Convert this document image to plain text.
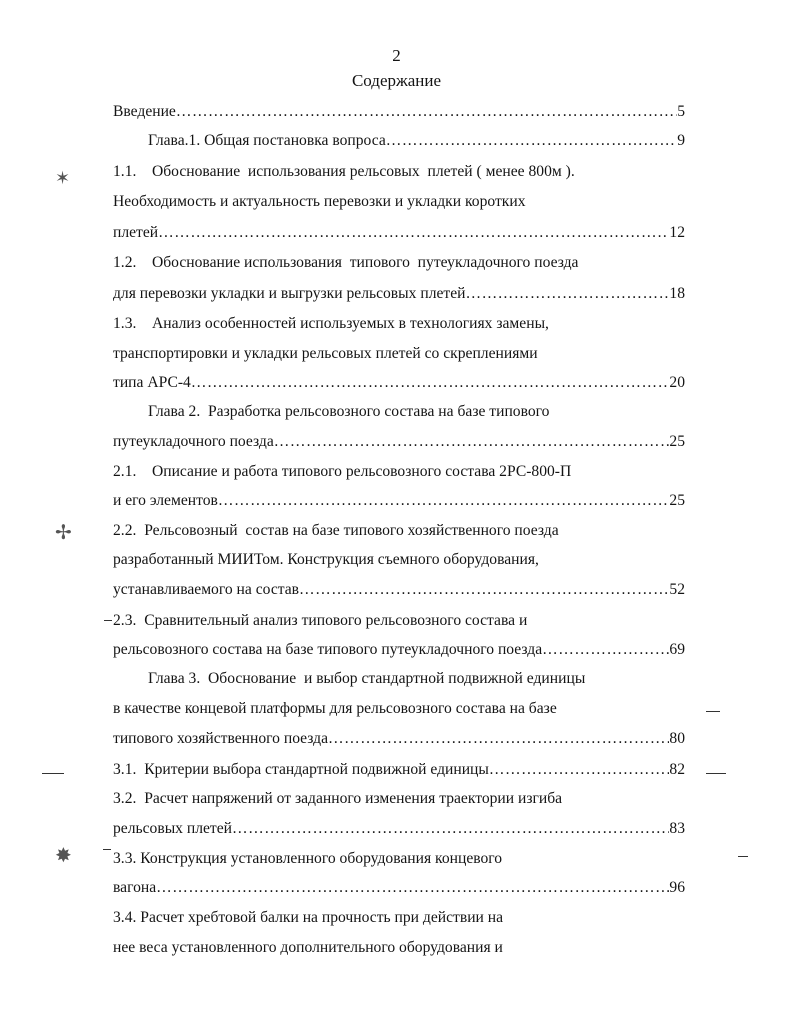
2
Содержание
Введение ……………………………………………………………………………………………………………………………………………………………………………………………	5
Глава.1. Общая постановка вопроса ……………………………………………………………………………………………………………………………………………………………………………………………	9
1.1.    Обоснование  использования рельсовых  плетей ( менее 800м ).
Необходимость и актуальность перевозки и укладки коротких
плетей ……………………………………………………………………………………………………………………………………………………………………………………………	12
1.2.    Обоснование использования  типового  путеукладочного поезда
для перевозки укладки и выгрузки рельсовых плетей ……………………………………………………………………………………………………………………………………………………………………………………………	18
1.3.    Анализ особенностей используемых в технологиях замены,
транспортировки и укладки рельсовых плетей со скреплениями
типа АРС-4 ……………………………………………………………………………………………………………………………………………………………………………………………	20
Глава 2.  Разработка рельсовозного состава на базе типового
путеукладочного поезда ……………………………………………………………………………………………………………………………………………………………………………………………	25
2.1.    Описание и работа типового рельсовозного состава 2РС-800-П
и его элементов ……………………………………………………………………………………………………………………………………………………………………………………………	25
2.2.  Рельсовозный  состав на базе типового хозяйственного поезда
разработанный МИИТом. Конструкция съемного оборудования,
устанавливаемого на состав ……………………………………………………………………………………………………………………………………………………………………………………………	52
2.3.  Сравнительный анализ типового рельсовозного состава и
рельсовозного состава на базе типового путеукладочного поезда ……………………………………………………………………………………………………………………………………………………………………………………………	69
Глава 3.  Обоснование  и выбор стандартной подвижной единицы
в качестве концевой платформы для рельсовозного состава на базе
типового хозяйственного поезда ……………………………………………………………………………………………………………………………………………………………………………………………	80
3.1.  Критерии выбора стандартной подвижной единицы ……………………………………………………………………………………………………………………………………………………………………………………………	82
3.2.  Расчет напряжений от заданного изменения траектории изгиба
рельсовых плетей ……………………………………………………………………………………………………………………………………………………………………………………………	83
3.3. Конструкция установленного оборудования концевого
вагона ……………………………………………………………………………………………………………………………………………………………………………………………	96
3.4. Расчет хребтовой балки на прочность при действии на
нее веса установленного дополнительного оборудования и
✶
✢
✸
